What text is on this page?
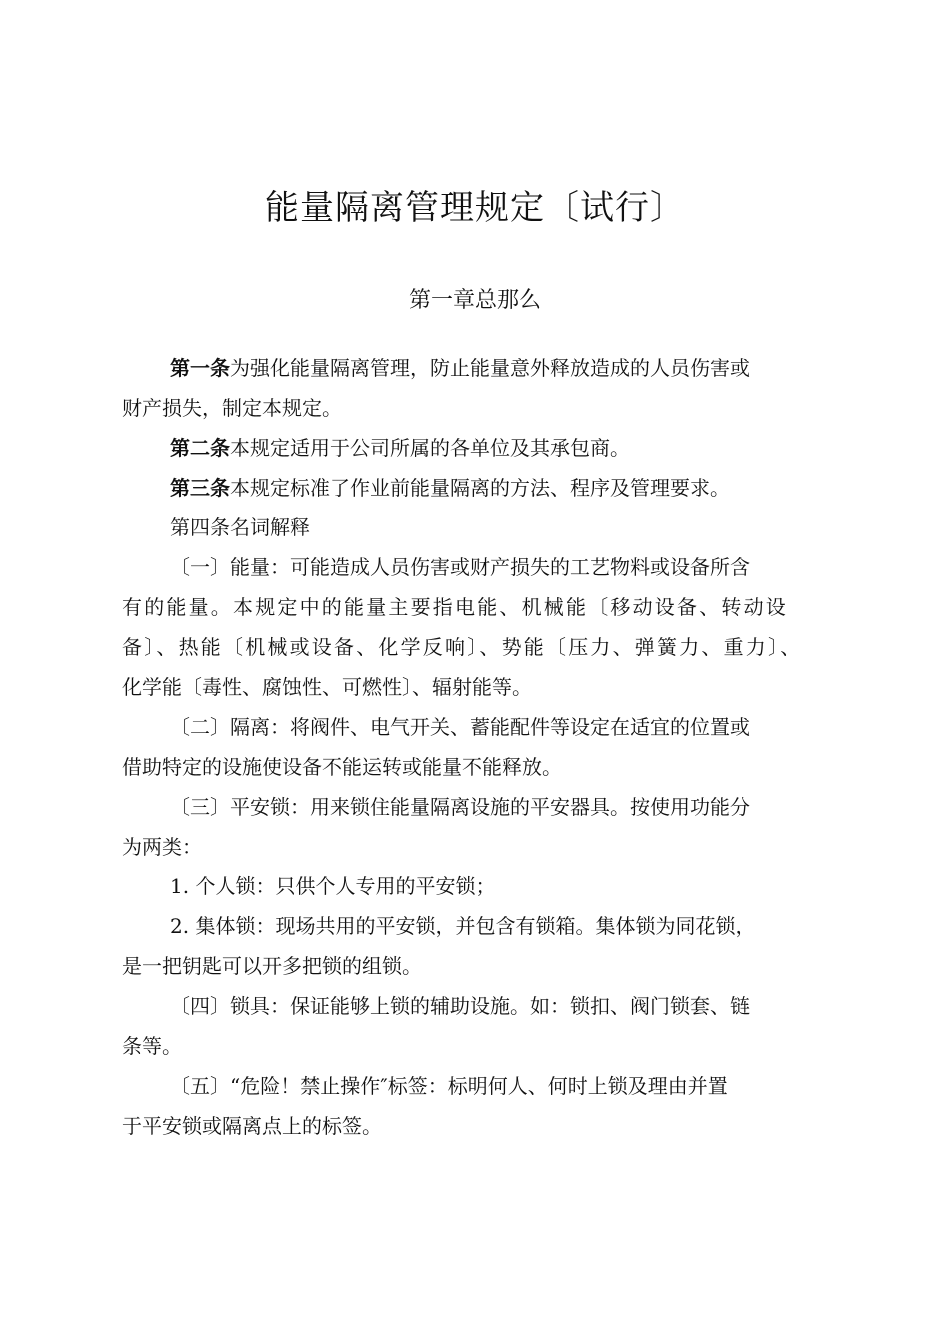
能量隔离管理规定〔试行〕
第一章总那么
第一条为强化能量隔离管理，防止能量意外释放造成的人员伤害或
财产损失，制定本规定。
第二条本规定适用于公司所属的各单位及其承包商。
第三条本规定标准了作业前能量隔离的方法、程序及管理要求。
第四条名词解释
〔一〕能量：可能造成人员伤害或财产损失的工艺物料或设备所含
有的能量。本规定中的能量主要指电能、机械能〔移动设备、转动设
备〕、热能〔机械或设备、化学反响〕、势能〔压力、弹簧力、重力〕、
化学能〔毒性、腐蚀性、可燃性〕、辐射能等。
〔二〕隔离：将阀件、电气开关、蓄能配件等设定在适宜的位置或
借助特定的设施使设备不能运转或能量不能释放。
〔三〕平安锁：用来锁住能量隔离设施的平安器具。按使用功能分
为两类：
1. 个人锁：只供个人专用的平安锁；
2. 集体锁：现场共用的平安锁，并包含有锁箱。集体锁为同花锁，
是一把钥匙可以开多把锁的组锁。
〔四〕锁具：保证能够上锁的辅助设施。如：锁扣、阀门锁套、链
条等。
〔五〕“危险！禁止操作″标签：标明何人、何时上锁及理由并置
于平安锁或隔离点上的标签。
